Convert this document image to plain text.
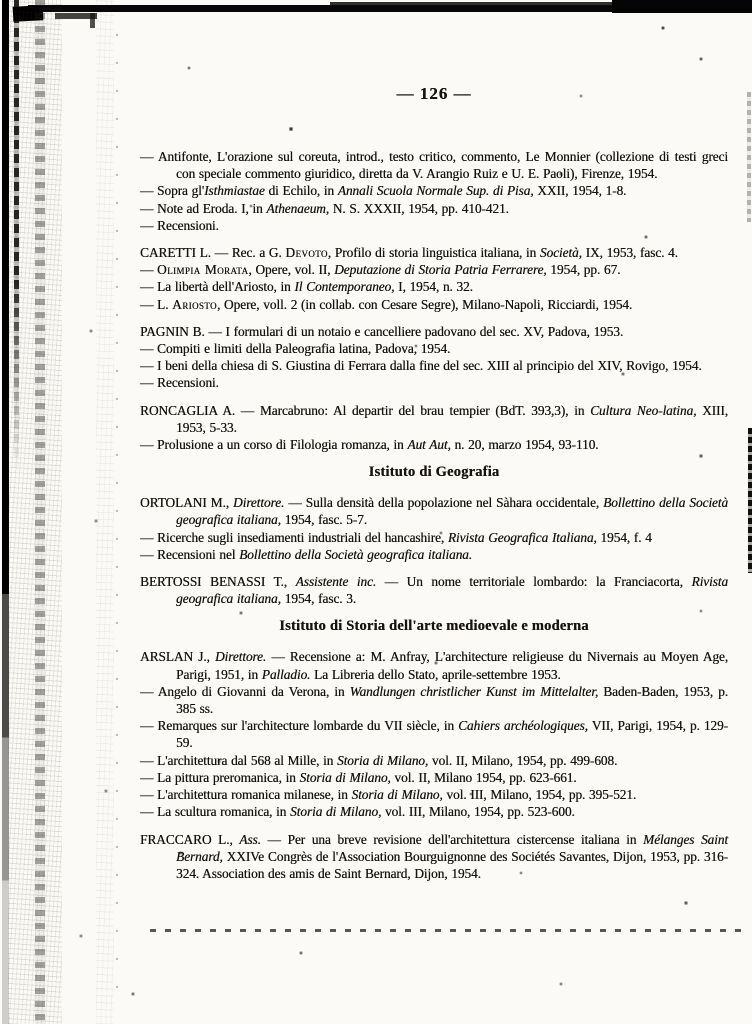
— 126 —

— Antifonte, L'orazione sul coreuta, introd., testo critico, commento, Le Monnier (collezione di testi greci con speciale commento giuridico, diretta da V. Arangio Ruiz e U. E. Paoli), Firenze, 1954.

— Sopra gl'Isthmiastae di Echilo, in Annali Scuola Normale Sup. di Pisa, XXII, 1954, 1-8.

— Note ad Eroda. I, in Athenaeum, N. S. XXXII, 1954, pp. 410-421.

— Recensioni.

CARETTI L. — Rec. a G. Devoto, Profilo di storia linguistica italiana, in Società, IX, 1953, fasc. 4.

— Olimpia Morata, Opere, vol. II, Deputazione di Storia Patria Ferrarere, 1954, pp. 67.

— La libertà dell'Ariosto, in Il Contemporaneo, I, 1954, n. 32.

— L. Ariosto, Opere, voll. 2 (in collab. con Cesare Segre), Milano-Napoli, Ricciardi, 1954.

PAGNIN B. — I formulari di un notaio e cancelliere padovano del sec. XV, Padova, 1953.

— Compiti e limiti della Paleografia latina, Padova, 1954.

— I beni della chiesa di S. Giustina di Ferrara dalla fine del sec. XIII al principio del XIV, Rovigo, 1954.

— Recensioni.

RONCAGLIA A. — Marcabruno: Al departir del brau tempier (BdT. 393,3), in Cultura Neo-latina, XIII, 1953, 5-33.

— Prolusione a un corso di Filologia romanza, in Aut Aut, n. 20, marzo 1954, 93-110.

Istituto di Geografia

ORTOLANI M., Direttore. — Sulla densità della popolazione nel Sàhara occidentale, Bollettino della Società geografica italiana, 1954, fasc. 5-7.

— Ricerche sugli insediamenti industriali del hancashire, Rivista Geografica Italiana, 1954, f. 4

— Recensioni nel Bollettino della Società geografica italiana.

BERTOSSI BENASSI T., Assistente inc. — Un nome territoriale lombardo: la Franciacorta, Rivista geografica italiana, 1954, fasc. 3.

Istituto di Storia dell'arte medioevale e moderna

ARSLAN J., Direttore. — Recensione a: M. Anfray, L'architecture religieuse du Nivernais au Moyen Age, Parigi, 1951, in Palladio. La Libreria dello Stato, aprile-settembre 1953.

— Angelo di Giovanni da Verona, in Wandlungen christlicher Kunst im Mittelalter, Baden-Baden, 1953, p. 385 ss.

— Remarques sur l'architecture lombarde du VII siècle, in Cahiers archéologiques, VII, Parigi, 1954, p. 129-59.

— L'architettura dal 568 al Mille, in Storia di Milano, vol. II, Milano, 1954, pp. 499-608.

— La pittura preromanica, in Storia di Milano, vol. II, Milano 1954, pp. 623-661.

— L'architettura romanica milanese, in Storia di Milano, vol. III, Milano, 1954, pp. 395-521.

— La scultura romanica, in Storia di Milano, vol. III, Milano, 1954, pp. 523-600.

FRACCARO L., Ass. — Per una breve revisione dell'architettura cistercense italiana in Mélanges Saint Bernard, XXIVe Congrès de l'Association Bourguignonne des Sociétés Savantes, Dijon, 1953, pp. 316-324. Association des amis de Saint Bernard, Dijon, 1954.
